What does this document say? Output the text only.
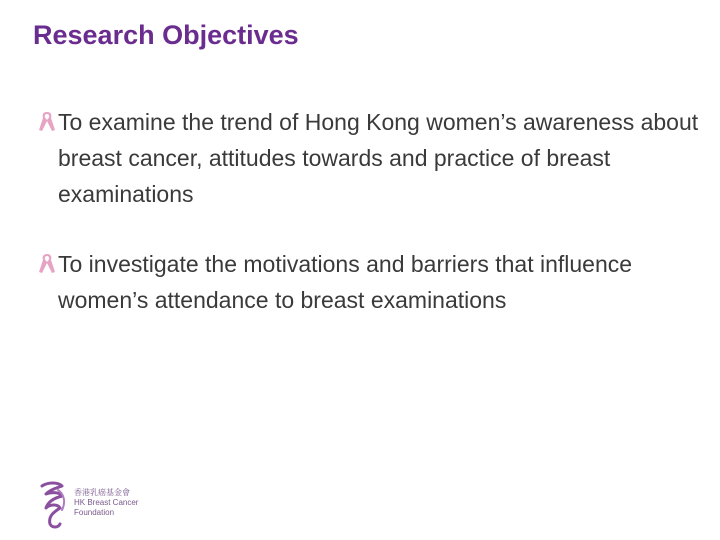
Research Objectives
To examine the trend of Hong Kong women’s awareness about breast cancer, attitudes towards and practice of breast examinations
To investigate the motivations and barriers that influence women’s attendance to breast examinations
香港乳癌基金會
HK Breast Cancer
Foundation
